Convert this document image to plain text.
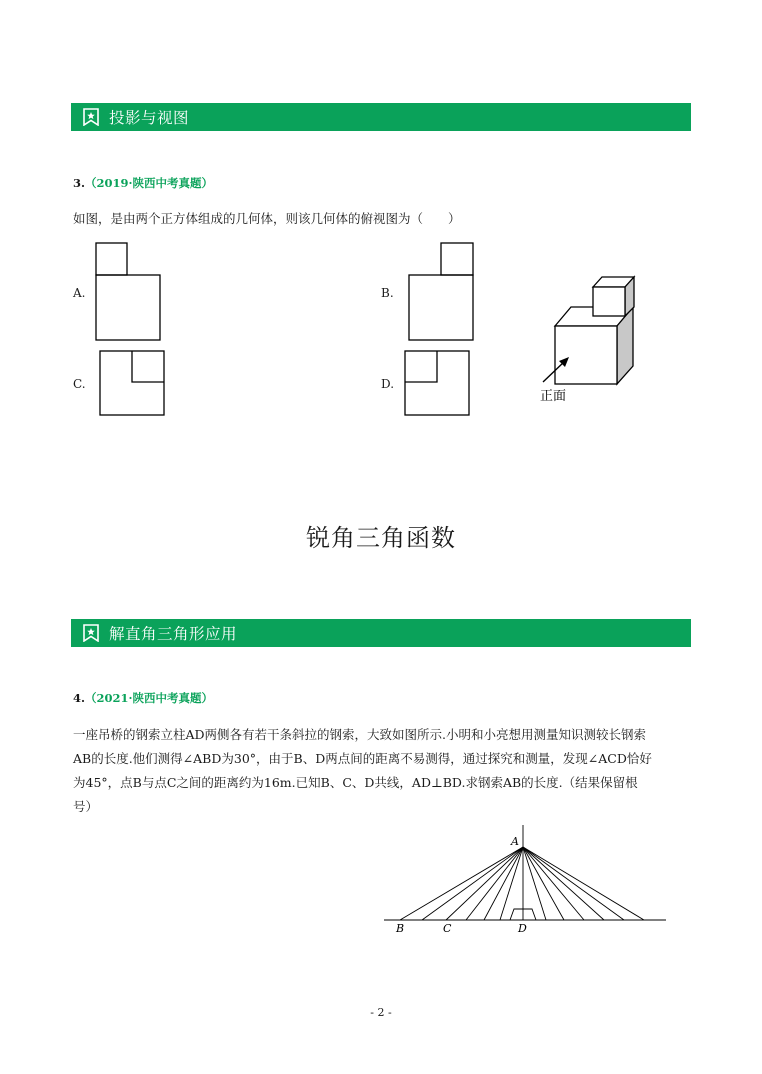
投影与视图
3.（2019·陕西中考真题）
如图，是由两个正方体组成的几何体，则该几何体的俯视图为（　　）
A.	B.
C.	D.
正面
锐角三角函数
解直角三角形应用
4.（2021·陕西中考真题）
一座吊桥的钢索立柱AD两侧各有若干条斜拉的钢索，大致如图所示.小明和小亮想用测量知识测较长钢索
AB的长度.他们测得∠ABD为30°，由于B、D两点间的距离不易测得，通过探究和测量，发现∠ACD恰好
为45°，点B与点C之间的距离约为16m.已知B、C、D共线，AD⊥BD.求钢索AB的长度.（结果保留根
号）
A
B	C	D
- 2 -
